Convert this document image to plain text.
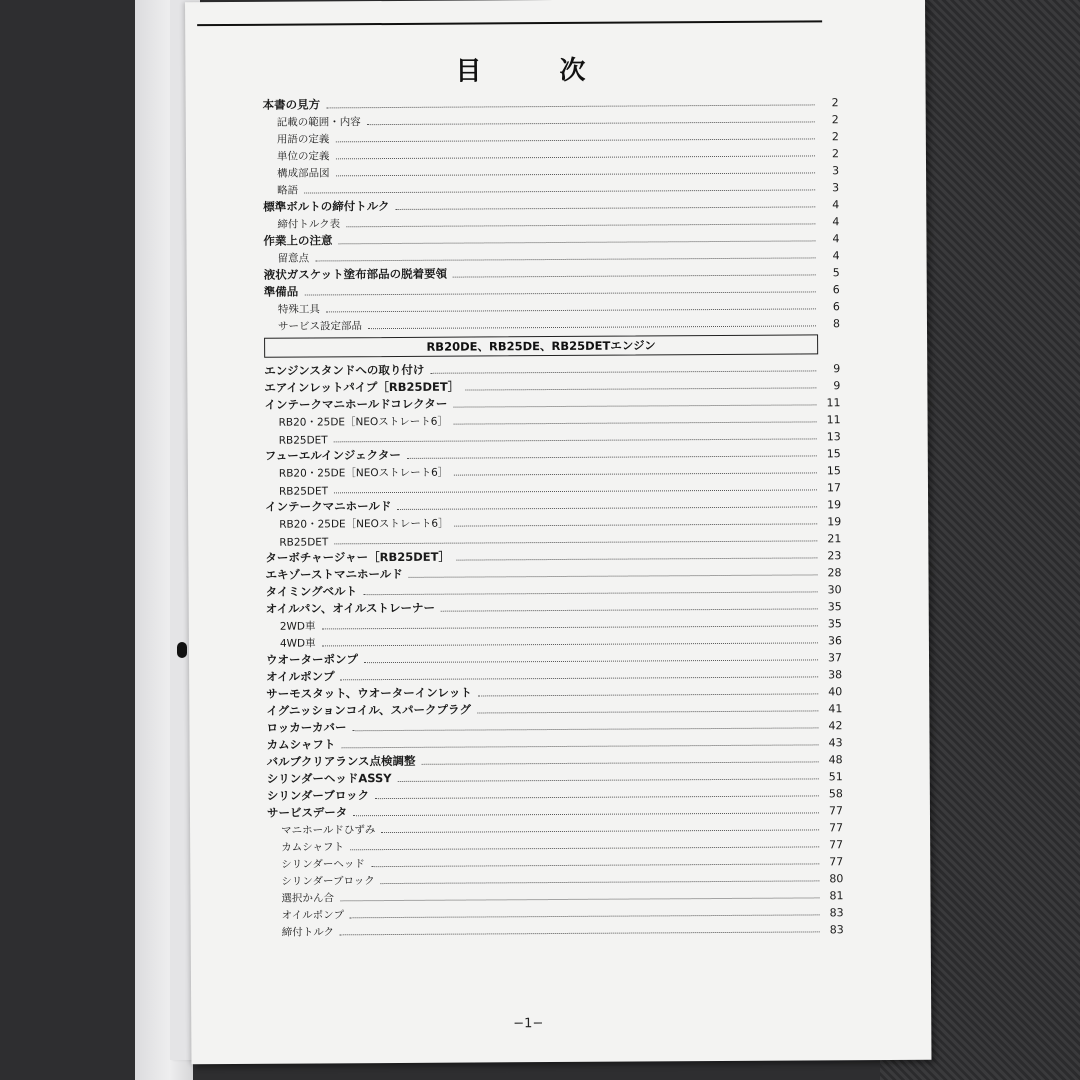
目　次
本書の見方	2
記載の範囲・内容	2
用語の定義	2
単位の定義	2
構成部品図	3
略語	3
標準ボルトの締付トルク	4
締付トルク表	4
作業上の注意	4
留意点	4
液状ガスケット塗布部品の脱着要領	5
準備品	6
特殊工具	6
サービス設定部品	8
RB20DE、RB25DE、RB25DETエンジン
エンジンスタンドへの取り付け	9
エアインレットパイプ［RB25DET］	9
インテークマニホールドコレクター	11
RB20・25DE［NEOストレート6］	11
RB25DET	13
フューエルインジェクター	15
RB20・25DE［NEOストレート6］	15
RB25DET	17
インテークマニホールド	19
RB20・25DE［NEOストレート6］	19
RB25DET	21
ターボチャージャー［RB25DET］	23
エキゾーストマニホールド	28
タイミングベルト	30
オイルパン、オイルストレーナー	35
2WD車	35
4WD車	36
ウオーターポンプ	37
オイルポンプ	38
サーモスタット、ウオーターインレット	40
イグニッションコイル、スパークプラグ	41
ロッカーカバー	42
カムシャフト	43
バルブクリアランス点検調整	48
シリンダーヘッドASSY	51
シリンダーブロック	58
サービスデータ	77
マニホールドひずみ	77
カムシャフト	77
シリンダーヘッド	77
シリンダーブロック	80
選択かん合	81
オイルポンプ	83
締付トルク	83
−1−
